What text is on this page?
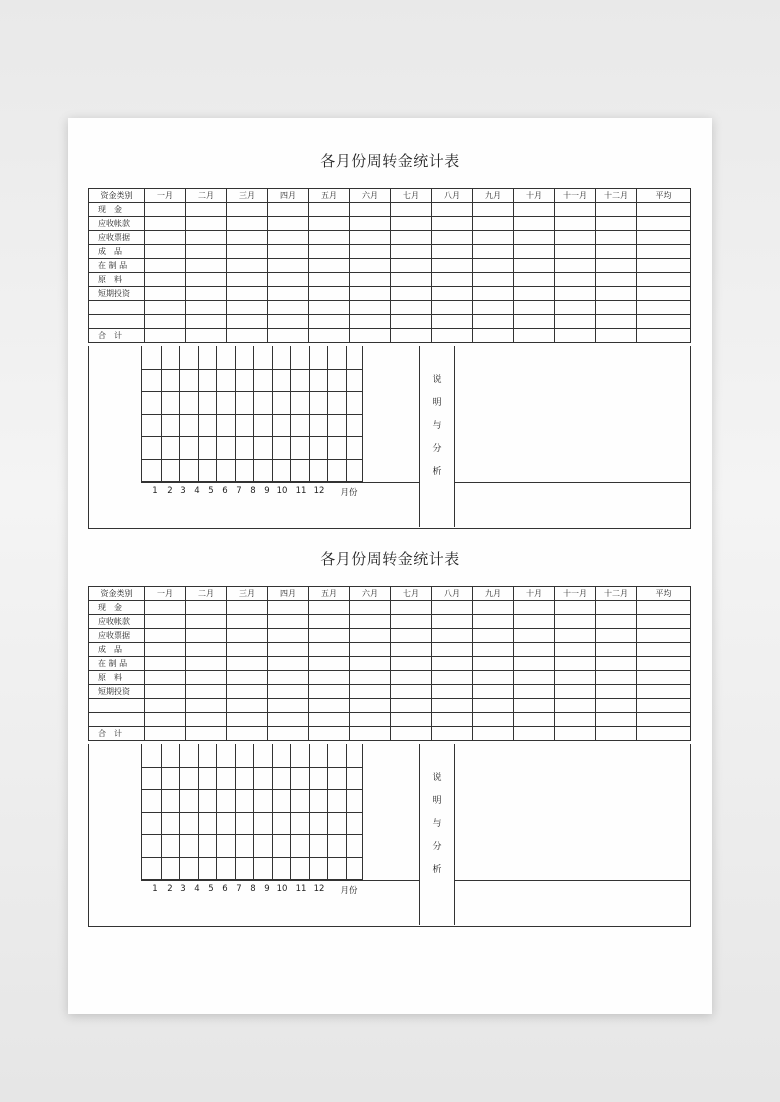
各月份周转金统计表
资金类别	一月	二月	三月	四月	五月	六月	七月	八月	九月	十月	十一月	十二月	平均
现　金													
应收帐款													
应收票据													
成　品													
在 制 品													
原　料													
短期投资													

合　计													
1 2 3 4 5 6 7 8 9 10 11 12 月份
说
明
与
分
析
各月份周转金统计表
资金类别	一月	二月	三月	四月	五月	六月	七月	八月	九月	十月	十一月	十二月	平均
现　金													
应收帐款													
应收票据													
成　品													
在 制 品													
原　料													
短期投资													

合　计													
1 2 3 4 5 6 7 8 9 10 11 12 月份
说
明
与
分
析
